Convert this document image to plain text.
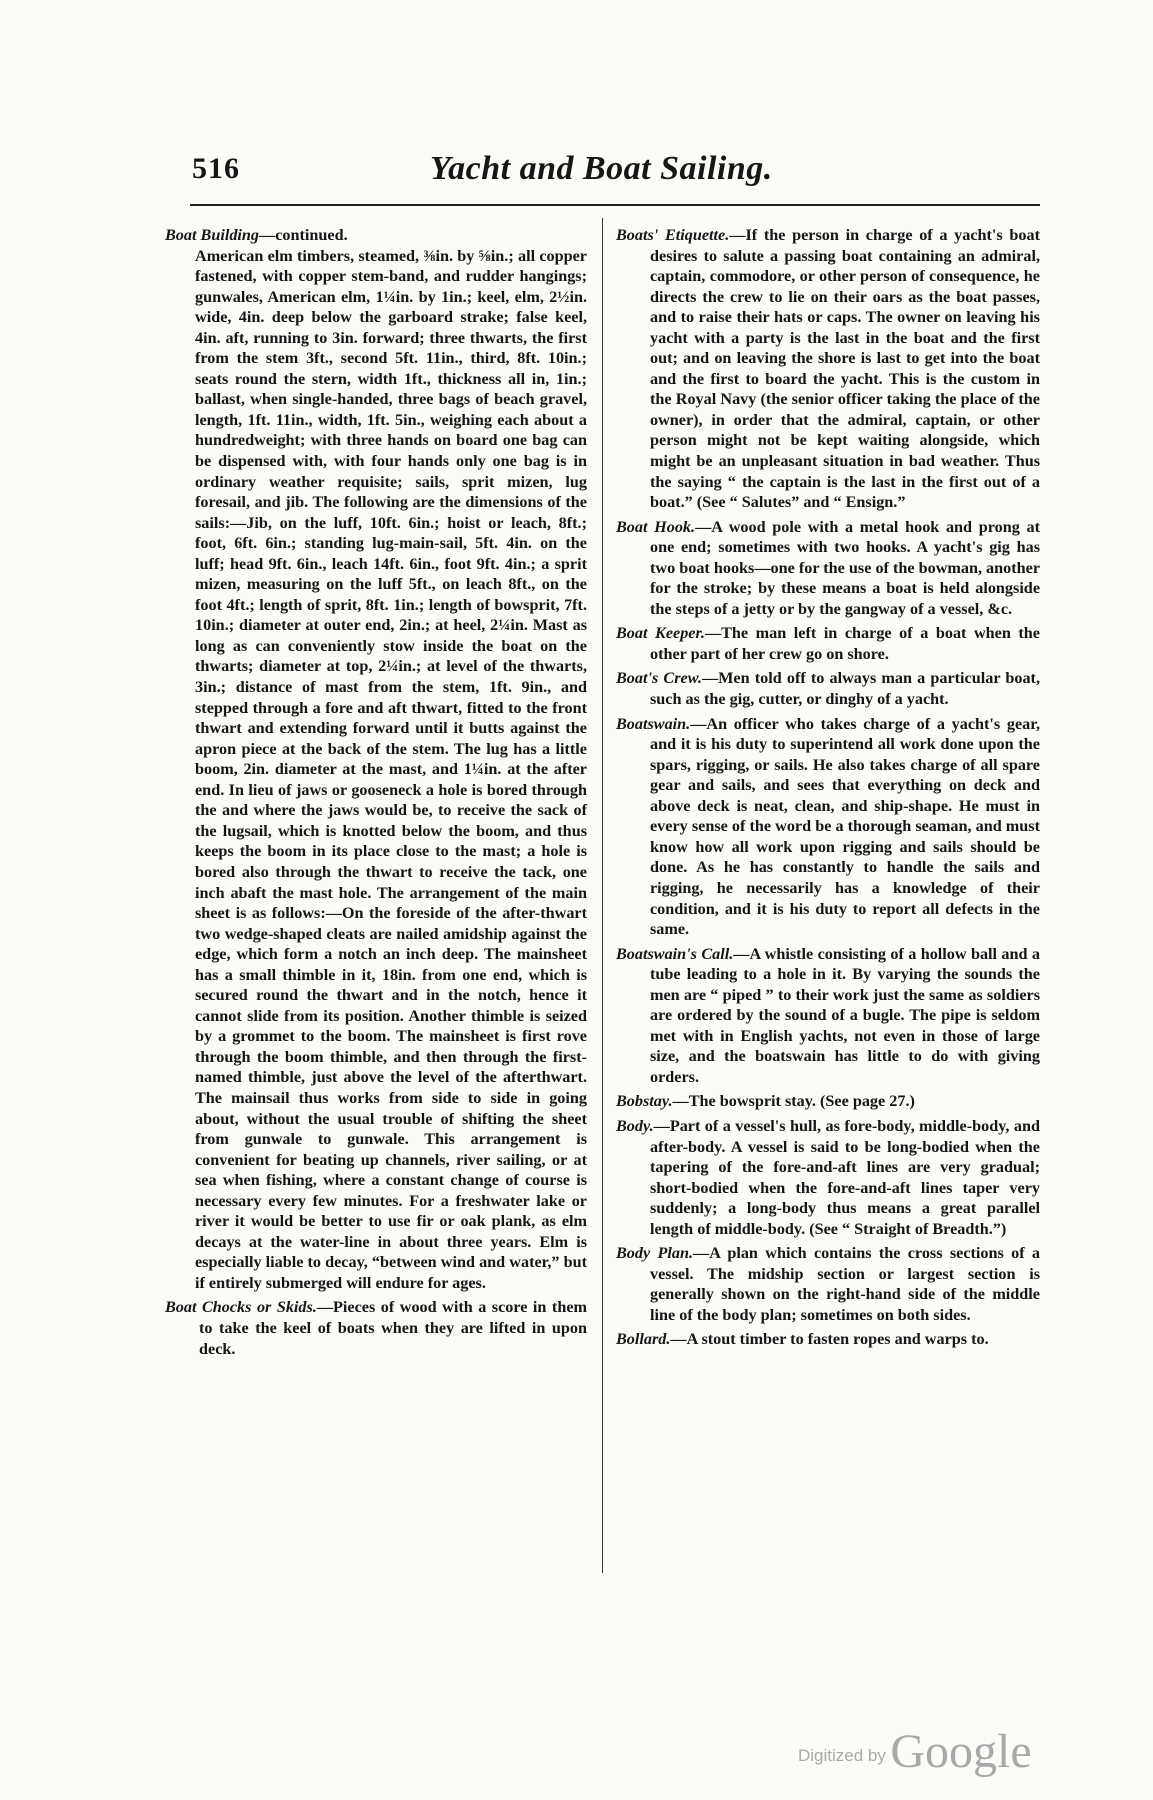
516	Yacht and Boat Sailing.

Boat Building—continued.

American elm timbers, steamed, ⅜in. by ⅝in.; all copper fastened, with copper stem-band, and rudder hangings; gunwales, American elm, 1¼in. by 1in.; keel, elm, 2½in. wide, 4in. deep below the garboard strake; false keel, 4in. aft, running to 3in. forward; three thwarts, the first from the stem 3ft., second 5ft. 11in., third, 8ft. 10in.; seats round the stern, width 1ft., thickness all in, 1in.; ballast, when single-handed, three bags of beach gravel, length, 1ft. 11in., width, 1ft. 5in., weighing each about a hundredweight; with three hands on board one bag can be dispensed with, with four hands only one bag is in ordinary weather requisite; sails, sprit mizen, lug foresail, and jib. The following are the dimensions of the sails:—Jib, on the luff, 10ft. 6in.; hoist or leach, 8ft.; foot, 6ft. 6in.; standing lug-main-sail, 5ft. 4in. on the luff; head 9ft. 6in., leach 14ft. 6in., foot 9ft. 4in.; a sprit mizen, measuring on the luff 5ft., on leach 8ft., on the foot 4ft.; length of sprit, 8ft. 1in.; length of bowsprit, 7ft. 10in.; diameter at outer end, 2in.; at heel, 2¼in. Mast as long as can conveniently stow inside the boat on the thwarts; diameter at top, 2¼in.; at level of the thwarts, 3in.; distance of mast from the stem, 1ft. 9in., and stepped through a fore and aft thwart, fitted to the front thwart and extending forward until it butts against the apron piece at the back of the stem. The lug has a little boom, 2in. diameter at the mast, and 1¼in. at the after end. In lieu of jaws or gooseneck a hole is bored through the and where the jaws would be, to receive the sack of the lugsail, which is knotted below the boom, and thus keeps the boom in its place close to the mast; a hole is bored also through the thwart to receive the tack, one inch abaft the mast hole. The arrangement of the main sheet is as follows:—On the foreside of the after-thwart two wedge-shaped cleats are nailed amidship against the edge, which form a notch an inch deep. The mainsheet has a small thimble in it, 18in. from one end, which is secured round the thwart and in the notch, hence it cannot slide from its position. Another thimble is seized by a grommet to the boom. The mainsheet is first rove through the boom thimble, and then through the first-named thimble, just above the level of the afterthwart. The mainsail thus works from side to side in going about, without the usual trouble of shifting the sheet from gunwale to gunwale. This arrangement is convenient for beating up channels, river sailing, or at sea when fishing, where a constant change of course is necessary every few minutes. For a freshwater lake or river it would be better to use fir or oak plank, as elm decays at the water-line in about three years. Elm is especially liable to decay, “between wind and water,” but if entirely submerged will endure for ages.

Boat Chocks or Skids.—Pieces of wood with a score in them to take the keel of boats when they are lifted in upon deck.

Boats' Etiquette.—If the person in charge of a yacht's boat desires to salute a passing boat containing an admiral, captain, commodore, or other person of consequence, he directs the crew to lie on their oars as the boat passes, and to raise their hats or caps. The owner on leaving his yacht with a party is the last in the boat and the first out; and on leaving the shore is last to get into the boat and the first to board the yacht. This is the custom in the Royal Navy (the senior officer taking the place of the owner), in order that the admiral, captain, or other person might not be kept waiting alongside, which might be an unpleasant situation in bad weather. Thus the saying “ the captain is the last in the first out of a boat.” (See “ Salutes” and “ Ensign.”

Boat Hook.—A wood pole with a metal hook and prong at one end; sometimes with two hooks. A yacht's gig has two boat hooks—one for the use of the bowman, another for the stroke; by these means a boat is held alongside the steps of a jetty or by the gangway of a vessel, &c.

Boat Keeper.—The man left in charge of a boat when the other part of her crew go on shore.

Boat's Crew.—Men told off to always man a particular boat, such as the gig, cutter, or dinghy of a yacht.

Boatswain.—An officer who takes charge of a yacht's gear, and it is his duty to superintend all work done upon the spars, rigging, or sails. He also takes charge of all spare gear and sails, and sees that everything on deck and above deck is neat, clean, and ship-shape. He must in every sense of the word be a thorough seaman, and must know how all work upon rigging and sails should be done. As he has constantly to handle the sails and rigging, he necessarily has a knowledge of their condition, and it is his duty to report all defects in the same.

Boatswain's Call.—A whistle consisting of a hollow ball and a tube leading to a hole in it. By varying the sounds the men are “ piped ” to their work just the same as soldiers are ordered by the sound of a bugle. The pipe is seldom met with in English yachts, not even in those of large size, and the boatswain has little to do with giving orders.

Bobstay.—The bowsprit stay. (See page 27.)

Body.—Part of a vessel's hull, as fore-body, middle-body, and after-body. A vessel is said to be long-bodied when the tapering of the fore-and-aft lines are very gradual; short-bodied when the fore-and-aft lines taper very suddenly; a long-body thus means a great parallel length of middle-body. (See “ Straight of Breadth.”)

Body Plan.—A plan which contains the cross sections of a vessel. The midship section or largest section is generally shown on the right-hand side of the middle line of the body plan; sometimes on both sides.

Bollard.—A stout timber to fasten ropes and warps to.

Digitized by Google
